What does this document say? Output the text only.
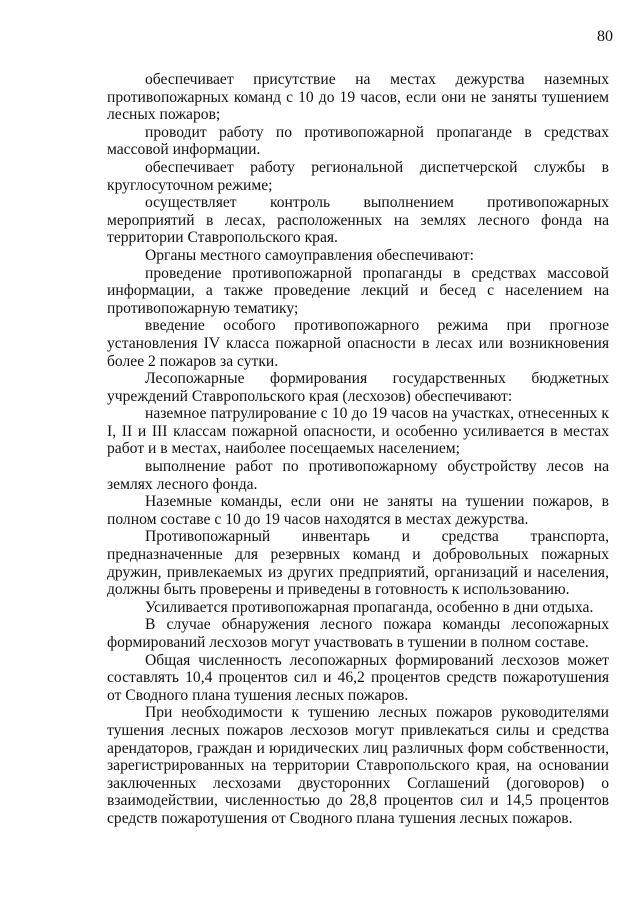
80

обеспечивает присутствие на местах дежурства наземных противопожарных команд с 10 до 19 часов, если они не заняты тушением лесных пожаров;

проводит работу по противопожарной пропаганде в средствах массовой информации.

обеспечивает работу региональной диспетчерской службы в круглосуточном режиме;

осуществляет контроль выполнением противопожарных мероприятий в лесах, расположенных на землях лесного фонда на территории Ставропольского края.

Органы местного самоуправления обеспечивают:

проведение противопожарной пропаганды в средствах массовой информации, а также проведение лекций и бесед с населением на противопожарную тематику;

введение особого противопожарного режима при прогнозе установления IV класса пожарной опасности в лесах или возникновения более 2 пожаров за сутки.

Лесопожарные формирования государственных бюджетных учреждений Ставропольского края (лесхозов) обеспечивают:

наземное патрулирование с 10 до 19 часов на участках, отнесенных к I, II и III классам пожарной опасности, и особенно усиливается в местах работ и в местах, наиболее посещаемых населением;

выполнение работ по противопожарному обустройству лесов на землях лесного фонда.

Наземные команды, если они не заняты на тушении пожаров, в полном составе с 10 до 19 часов находятся в местах дежурства.

Противопожарный инвентарь и средства транспорта, предназначенные для резервных команд и добровольных пожарных дружин, привлекаемых из других предприятий, организаций и населения, должны быть проверены и приведены в готовность к использованию.

Усиливается противопожарная пропаганда, особенно в дни отдыха.

В случае обнаружения лесного пожара команды лесопожарных формирований лесхозов могут участвовать в тушении в полном составе.

Общая численность лесопожарных формирований лесхозов может составлять 10,4 процентов сил и 46,2 процентов средств пожаротушения от Сводного плана тушения лесных пожаров.

При необходимости к тушению лесных пожаров руководителями тушения лесных пожаров лесхозов могут привлекаться силы и средства арендаторов, граждан и юридических лиц различных форм собственности, зарегистрированных на территории Ставропольского края, на основании заключенных лесхозами двусторонних Соглашений (договоров) о взаимодействии, численностью до 28,8 процентов сил и 14,5 процентов средств пожаротушения от Сводного плана тушения лесных пожаров.
